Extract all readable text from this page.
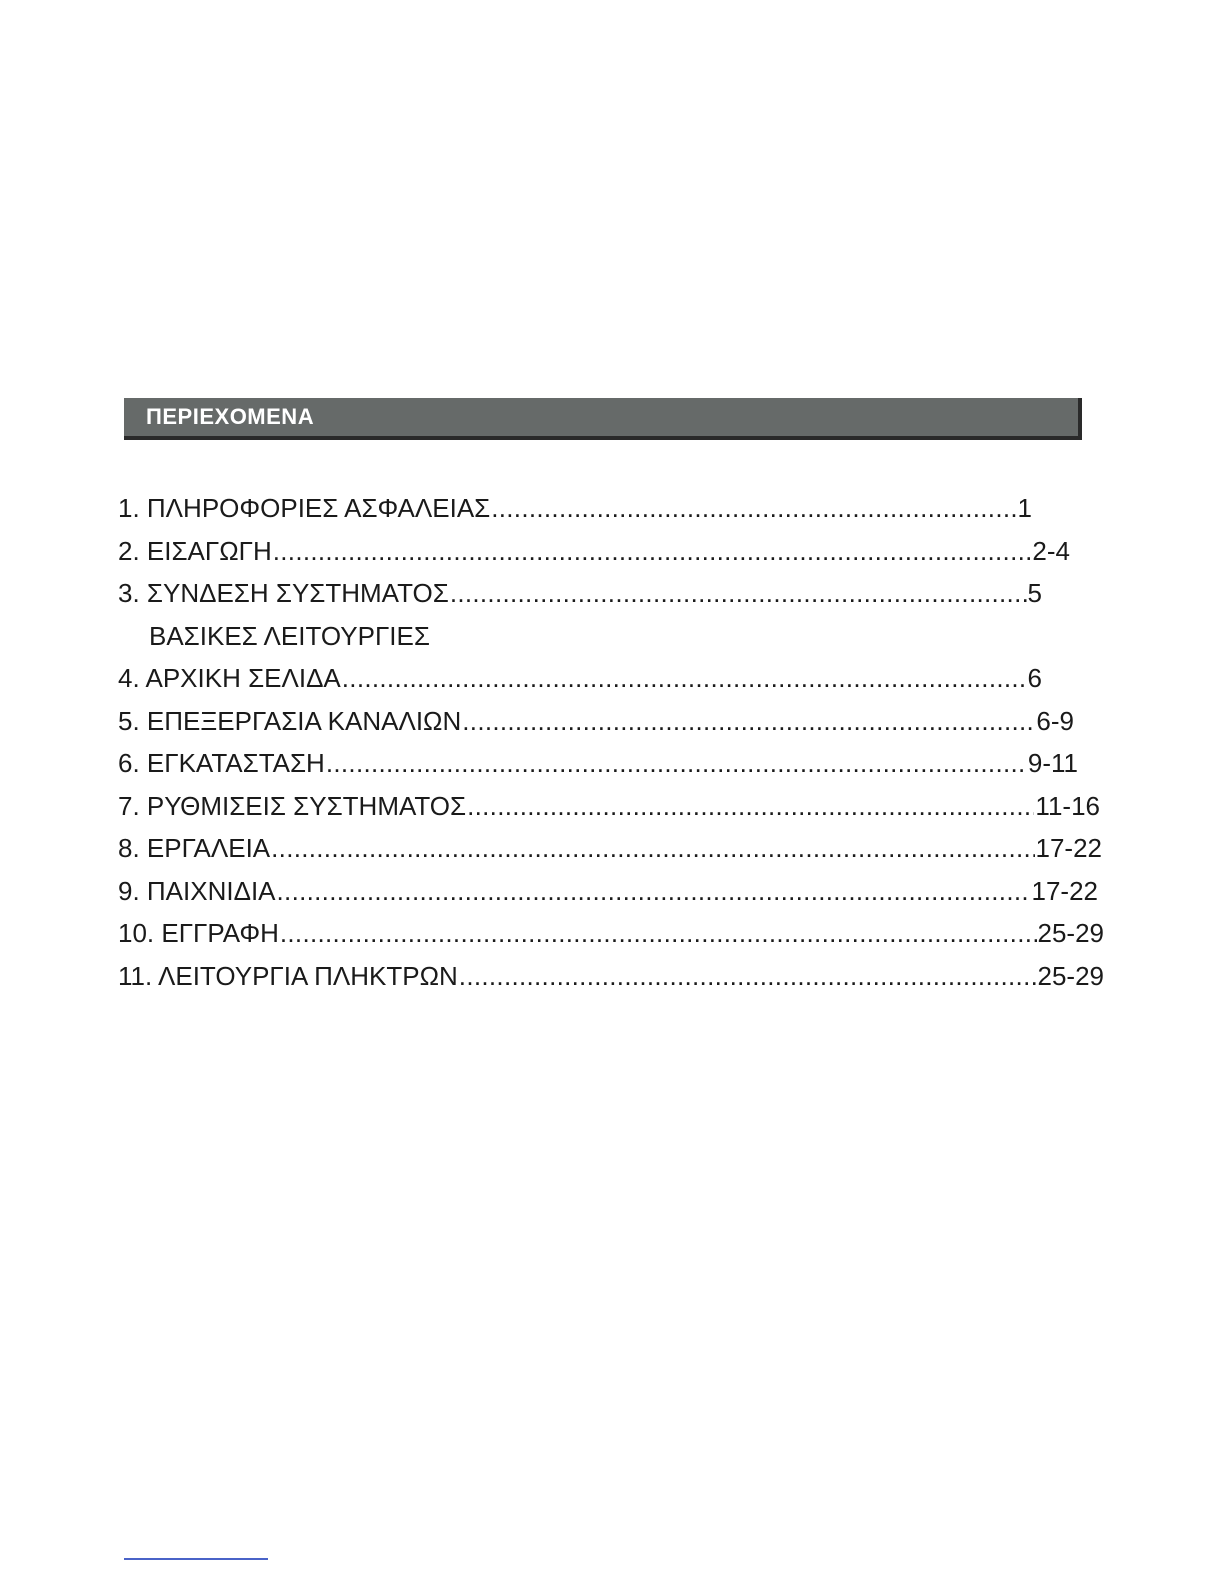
ΠΕΡΙΕΧΟΜΕΝΑ
1. ΠΛΗΡΟΦΟΡΙΕΣ ΑΣΦΑΛΕΙΑΣ .....	1
2. ΕΙΣΑΓΩΓΗ .....	2-4
3. ΣΥΝΔΕΣΗ ΣΥΣΤΗΜΑΤΟΣ .....	5
ΒΑΣΙΚΕΣ ΛΕΙΤΟΥΡΓΙΕΣ
4. ΑΡΧΙΚΗ ΣΕΛΙΔΑ .....	6
5. ΕΠΕΞΕΡΓΑΣΙΑ ΚΑΝΑΛΙΩΝ .....	6-9
6. ΕΓΚΑΤΑΣΤΑΣΗ .....	9-11
7. ΡΥΘΜΙΣΕΙΣ ΣΥΣΤΗΜΑΤΟΣ .....	11-16
8. ΕΡΓΑΛΕΙΑ .....	17-22
9. ΠΑΙΧΝΙΔΙΑ .....	17-22
10. ΕΓΓΡΑΦΗ .....	25-29
11. ΛΕΙΤΟΥΡΓΙΑ ΠΛΗΚΤΡΩΝ .....	25-29
